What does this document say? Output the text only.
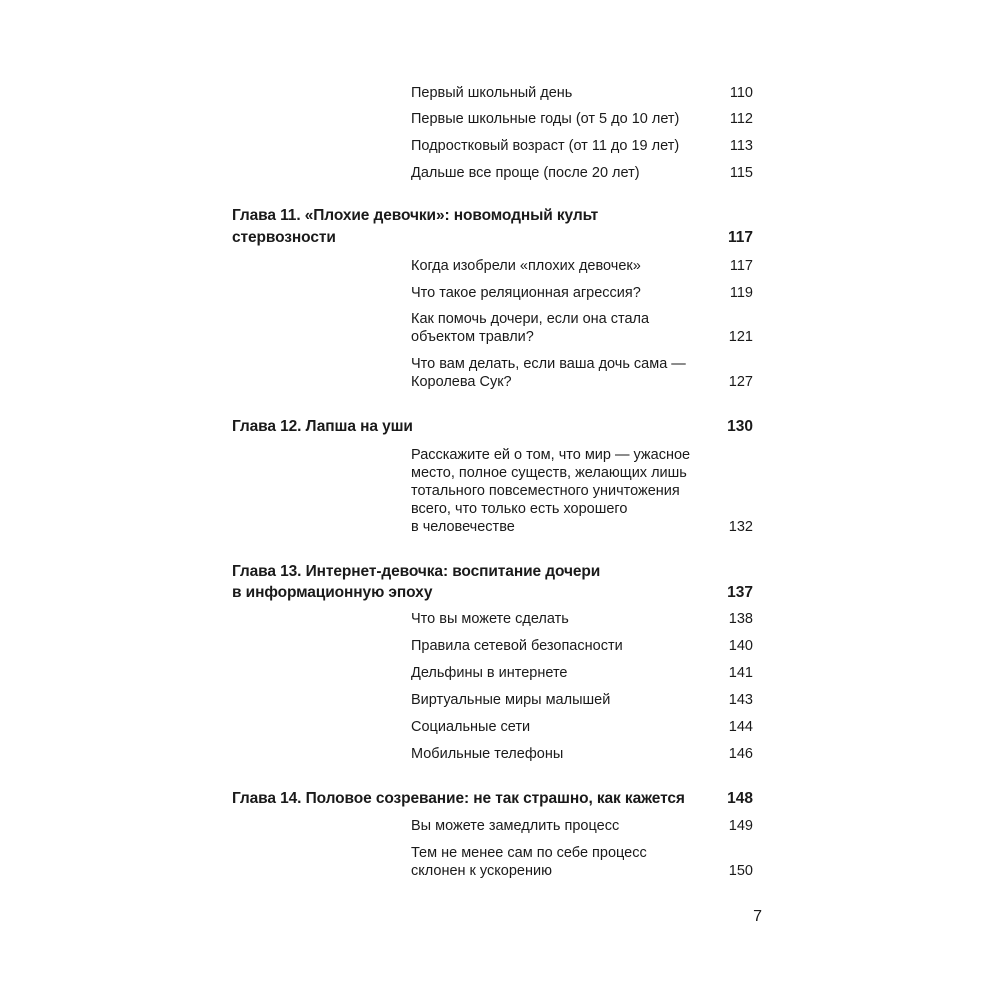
Первый школьный день	110
Первые школьные годы (от 5 до 10 лет)	112
Подростковый возраст (от 11 до 19 лет)	113
Дальше все проще (после 20 лет)	115
Глава 11. «Плохие девочки»: новомодный культ
стервозности	117
Когда изобрели «плохих девочек»	117
Что такое реляционная агрессия?	119
Как помочь дочери, если она стала
объектом травли?	121
Что вам делать, если ваша дочь сама —
Королева Сук?	127
Глава 12. Лапша на уши	130
Расскажите ей о том, что мир — ужасное
место, полное существ, желающих лишь
тотального повсеместного уничтожения
всего, что только есть хорошего
в человечестве	132
Глава 13. Интернет-девочка: воспитание дочери
в информационную эпоху	137
Что вы можете сделать	138
Правила сетевой безопасности	140
Дельфины в интернете	141
Виртуальные миры малышей	143
Социальные сети	144
Мобильные телефоны	146
Глава 14. Половое созревание: не так страшно, как кажется	148
Вы можете замедлить процесс	149
Тем не менее сам по себе процесс
склонен к ускорению	150
7
